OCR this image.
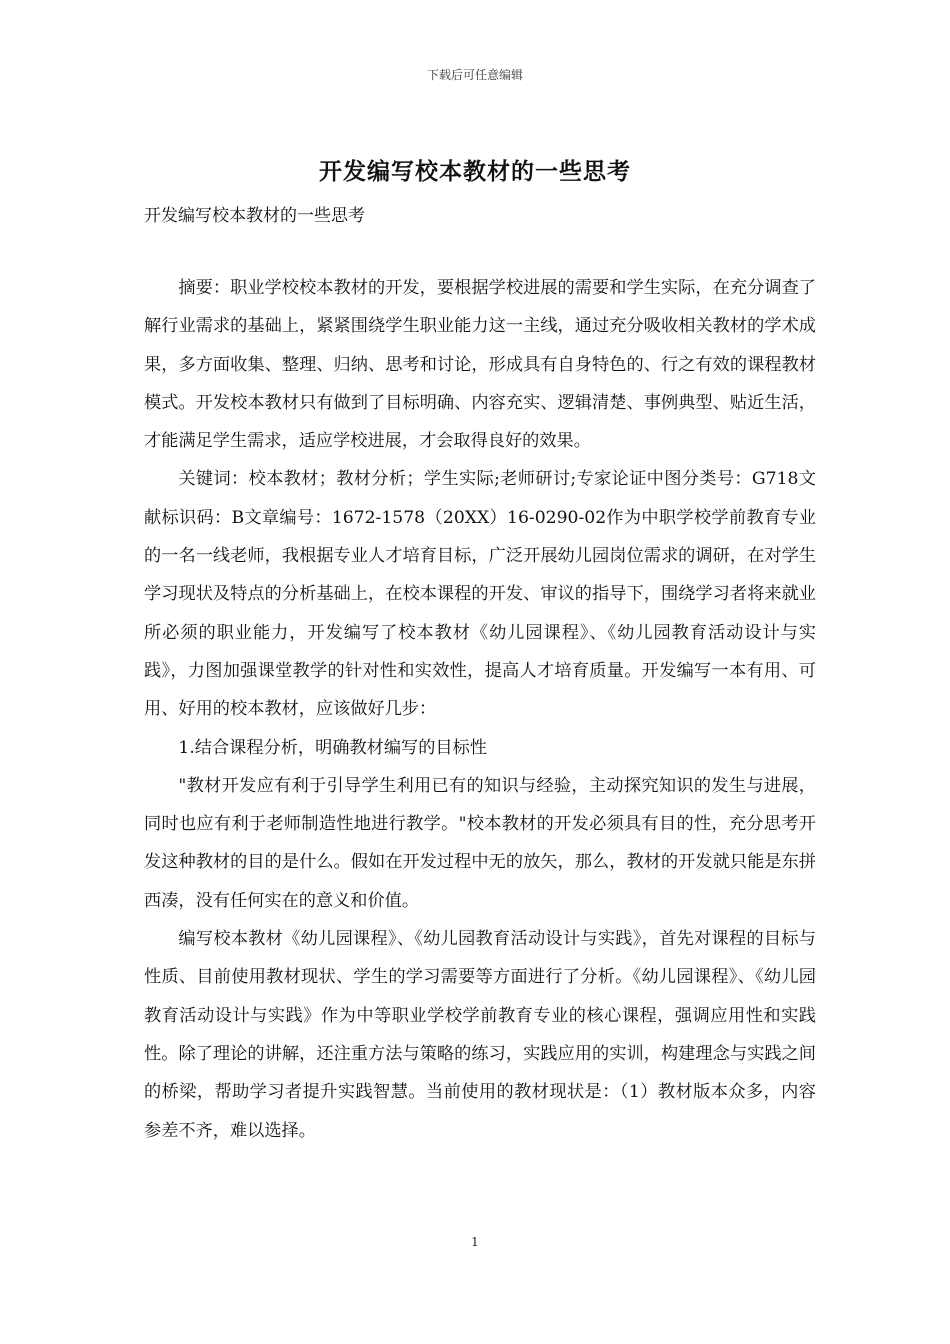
下载后可任意编辑
开发编写校本教材的一些思考
开发编写校本教材的一些思考

摘要：职业学校校本教材的开发，要根据学校进展的需要和学生实际，在充分调查了解行业需求的基础上，紧紧围绕学生职业能力这一主线，通过充分吸收相关教材的学术成果，多方面收集、整理、归纳、思考和讨论，形成具有自身特色的、行之有效的课程教材模式。开发校本教材只有做到了目标明确、内容充实、逻辑清楚、事例典型、贴近生活，才能满足学生需求，适应学校进展，才会取得良好的效果。

关键词：校本教材；教材分析；学生实际;老师研讨;专家论证中图分类号：G718文献标识码：B文章编号：1672-1578（20XX）16-0290-02作为中职学校学前教育专业的一名一线老师，我根据专业人才培育目标，广泛开展幼儿园岗位需求的调研，在对学生学习现状及特点的分析基础上，在校本课程的开发、审议的指导下，围绕学习者将来就业所必须的职业能力，开发编写了校本教材《幼儿园课程》、《幼儿园教育活动设计与实践》，力图加强课堂教学的针对性和实效性，提高人才培育质量。开发编写一本有用、可用、好用的校本教材，应该做好几步：

1.结合课程分析，明确教材编写的目标性

"教材开发应有利于引导学生利用已有的知识与经验，主动探究知识的发生与进展，同时也应有利于老师制造性地进行教学。"校本教材的开发必须具有目的性，充分思考开发这种教材的目的是什么。假如在开发过程中无的放矢，那么，教材的开发就只能是东拼西凑，没有任何实在的意义和价值。

编写校本教材《幼儿园课程》、《幼儿园教育活动设计与实践》，首先对课程的目标与性质、目前使用教材现状、学生的学习需要等方面进行了分析。《幼儿园课程》、《幼儿园教育活动设计与实践》作为中等职业学校学前教育专业的核心课程，强调应用性和实践性。除了理论的讲解，还注重方法与策略的练习，实践应用的实训，构建理念与实践之间的桥梁，帮助学习者提升实践智慧。当前使用的教材现状是：（1）教材版本众多，内容参差不齐，难以选择。

1
